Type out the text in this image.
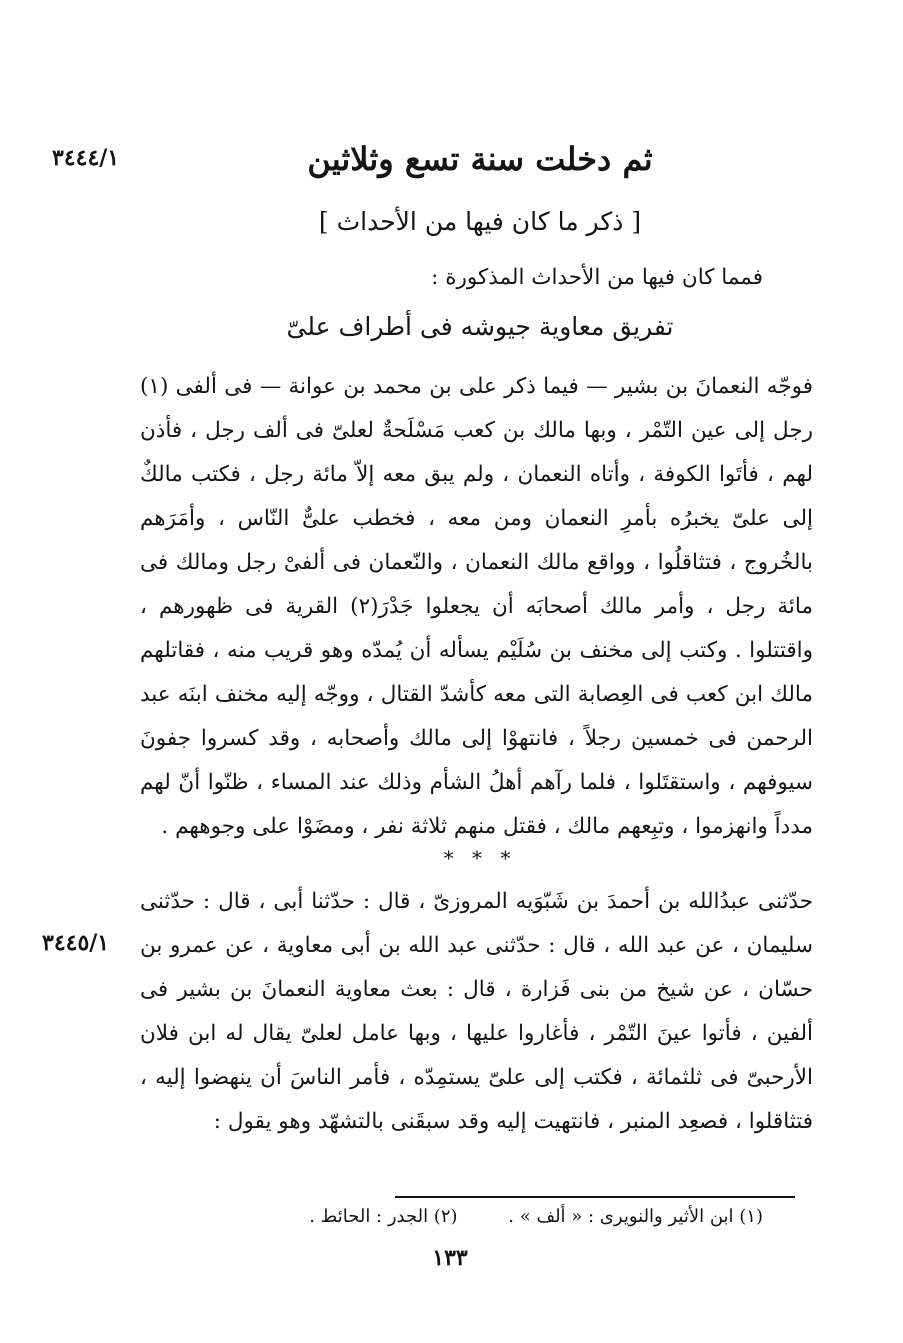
٣٤٤٤/١	ثم دخلت سنة تسع وثلاثين
[ ذكر ما كان فيها من الأحداث ]
فمما كان فيها من الأحداث المذكورة :
تفريق معاوية جيوشه فى أطراف علىّ
فوجّه النعمانَ بن بشير — فيما ذكر على بن محمد بن عوانة — فى ألفى (١) رجل إلى عين التّمْر ، وبها مالك بن كعب مَسْلَحةٌ لعلىّ فى ألف رجل ، فأذن لهم ، فأتَوا الكوفة ، وأتاه النعمان ، ولم يبق معه إلاّ مائة رجل ، فكتب مالكٌ إلى علىّ يخبرُه بأمرِ النعمان ومن معه ، فخطب علىٌّ النّاس ، وأمَرَهم بالخُروج ، فتثاقلُوا ، وواقع مالك النعمان ، والنّعمان فى ألفىْ رجل ومالك فى مائة رجل ، وأمر مالك أصحابَه أن يجعلوا جَدْرَ(٢) القرية فى ظهورهم ، واقتتلوا . وكتب إلى مخنف بن سُلَيْم يسأله أن يُمدّه وهو قريب منه ، فقاتلهم مالك ابن كعب فى العِصابة التى معه كأشدّ القتال ، ووجّه إليه مخنف ابنَه عبد الرحمن فى خمسين رجلاً ، فانتهوْا إلى مالك وأصحابه ، وقد كسروا جفونَ سيوفهم ، واستقتَلوا ، فلما رآهم أهلُ الشأم وذلك عند المساء ، ظنّوا أنّ لهم مدداً وانهزموا ، وتبِعهم مالك ، فقتل منهم ثلاثة نفر ، ومضَوْا على وجوههم .
* * *
٣٤٤٥/١
حدّثنى عبدُالله بن أحمدَ بن شَبّوَيه المروزىّ ، قال : حدّثنا أبى ، قال : حدّثنى سليمان ، عن عبد الله ، قال : حدّثنى عبد الله بن أبى معاوية ، عن عمرو بن حسّان ، عن شيخ من بنى فَزارة ، قال : بعث معاوية النعمانَ بن بشير فى ألفين ، فأتوا عينَ التّمْر ، فأغاروا عليها ، وبها عامل لعلىّ يقال له ابن فلان الأرحبىّ فى ثلثمائة ، فكتب إلى علىّ يستمِدّه ، فأمر الناسَ أن ينهضوا إليه ، فتثاقلوا ، فصعِد المنبر ، فانتهيت إليه وقد سبقَنى بالتشهّد وهو يقول :
(١) ابن الأثير والنويرى : « ألف » . (٢) الجدر : الحائط .
١٣٣
